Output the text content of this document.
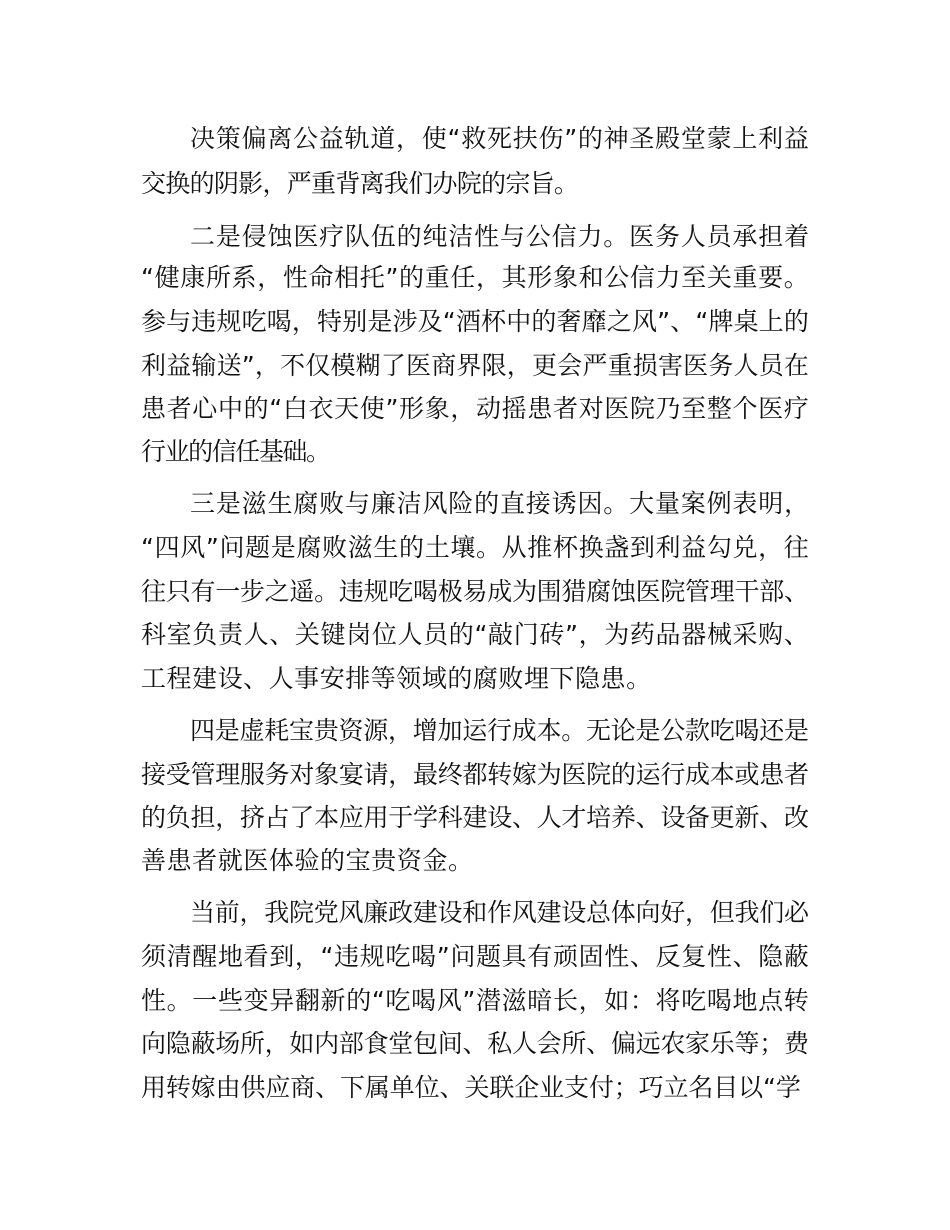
决策偏离公益轨道，使“救死扶伤”的神圣殿堂蒙上利益
交换的阴影，严重背离我们办院的宗旨。
二是侵蚀医疗队伍的纯洁性与公信力。医务人员承担着
“健康所系，性命相托”的重任，其形象和公信力至关重要。
参与违规吃喝，特别是涉及“酒杯中的奢靡之风”、“牌桌上的
利益输送”，不仅模糊了医商界限，更会严重损害医务人员在
患者心中的“白衣天使”形象，动摇患者对医院乃至整个医疗
行业的信任基础。
三是滋生腐败与廉洁风险的直接诱因。大量案例表明，
“四风”问题是腐败滋生的土壤。从推杯换盏到利益勾兑，往
往只有一步之遥。违规吃喝极易成为围猎腐蚀医院管理干部、
科室负责人、关键岗位人员的“敲门砖”，为药品器械采购、
工程建设、人事安排等领域的腐败埋下隐患。
四是虚耗宝贵资源，增加运行成本。无论是公款吃喝还是
接受管理服务对象宴请，最终都转嫁为医院的运行成本或患者
的负担，挤占了本应用于学科建设、人才培养、设备更新、改
善患者就医体验的宝贵资金。
当前，我院党风廉政建设和作风建设总体向好，但我们必
须清醒地看到，“违规吃喝”问题具有顽固性、反复性、隐蔽
性。一些变异翻新的“吃喝风”潜滋暗长，如：将吃喝地点转
向隐蔽场所，如内部食堂包间、私人会所、偏远农家乐等；费
用转嫁由供应商、下属单位、关联企业支付；巧立名目以“学
